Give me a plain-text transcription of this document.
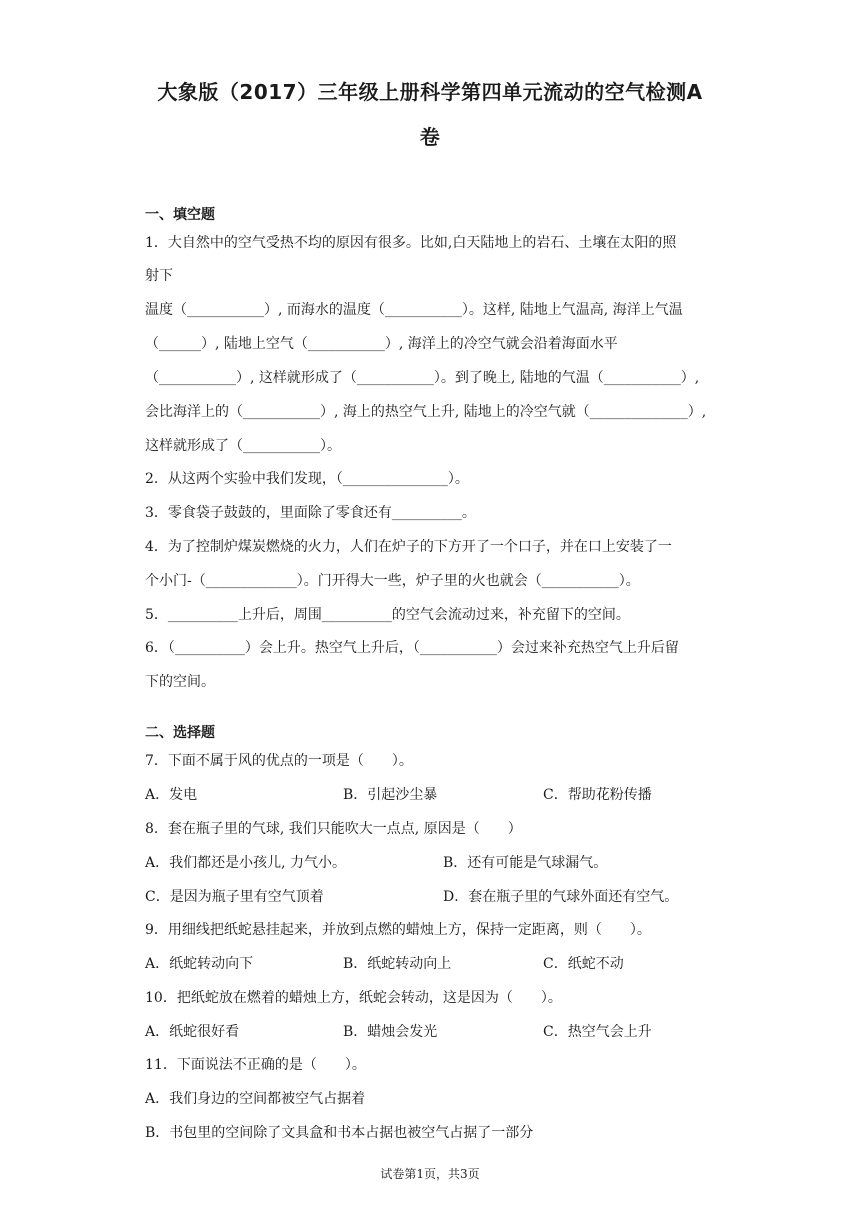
大象版（2017）三年级上册科学第四单元流动的空气检测A
卷
一、填空题
1．大自然中的空气受热不均的原因有很多。比如,白天陆地上的岩石、土壤在太阳的照
射下
温度（___________）, 而海水的温度（___________）。这样, 陆地上气温高, 海洋上气温
（______）, 陆地上空气（___________）, 海洋上的冷空气就会沿着海面水平
（___________）, 这样就形成了（___________）。到了晚上, 陆地的气温（___________）,
会比海洋上的（___________）, 海上的热空气上升, 陆地上的冷空气就（______________）,
这样就形成了（___________）。
2．从这两个实验中我们发现，（_______________）。
3．零食袋子鼓鼓的，里面除了零食还有__________。
4．为了控制炉煤炭燃烧的火力，人们在炉子的下方开了一个口子，并在口上安装了一
个小门-（_____________）。门开得大一些，炉子里的火也就会（___________）。
5．__________上升后，周围__________的空气会流动过来，补充留下的空间。
6．（__________）会上升。热空气上升后，（___________）会过来补充热空气上升后留
下的空间。
二、选择题
7．下面不属于风的优点的一项是（　　）。
A．发电	B．引起沙尘暴	C．帮助花粉传播
8．套在瓶子里的气球, 我们只能吹大一点点, 原因是（　　）
A．我们都还是小孩儿, 力气小。	B．还有可能是气球漏气。
C．是因为瓶子里有空气顶着	D．套在瓶子里的气球外面还有空气。
9．用细线把纸蛇悬挂起来，并放到点燃的蜡烛上方，保持一定距离，则（　　）。
A．纸蛇转动向下	B．纸蛇转动向上	C．纸蛇不动
10．把纸蛇放在燃着的蜡烛上方，纸蛇会转动，这是因为（　　）。
A．纸蛇很好看	B．蜡烛会发光	C．热空气会上升
11．下面说法不正确的是（　　）。
A．我们身边的空间都被空气占据着
B．书包里的空间除了文具盒和书本占据也被空气占据了一部分
试卷第1页，共3页
